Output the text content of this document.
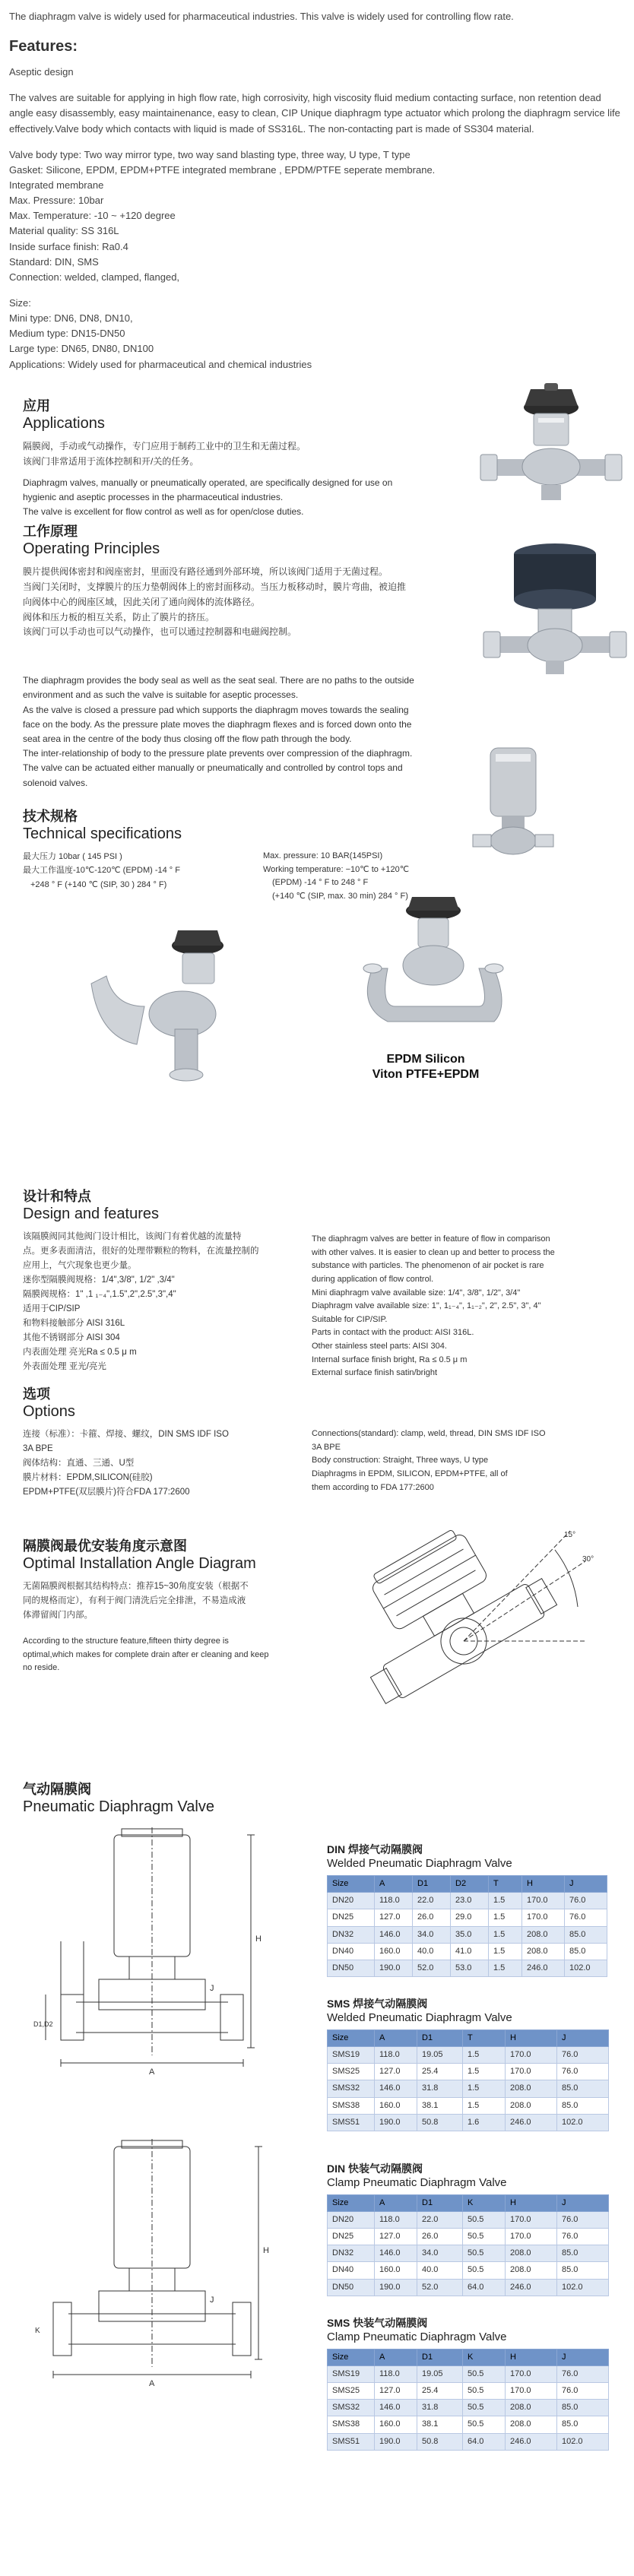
The diaphragm valve is widely used for pharmaceutical industries. This valve is widely used for controlling flow rate.

Features:

Aseptic design

The valves are suitable for applying in high flow rate, high corrosivity, high viscosity fluid medium contacting surface, non retention dead angle easy disassembly, easy maintainenance, easy to clean, CIP Unique diaphragm type actuator which prolong the diaphragm service life effectively.Valve body which contacts with liquid is made of SS316L. The non-contacting part is made of SS304 material.

Valve body type: Two way mirror type, two way sand blasting type, three way, U type, T type

Gasket: Silicone, EPDM, EPDM+PTFE integrated membrane , EPDM/PTFE seperate membrane.

Integrated membrane

Max. Pressure: 10bar

Max. Temperature: -10 ~ +120 degree

Material quality: SS 316L

Inside surface finish: Ra0.4

Standard: DIN, SMS

Connection: welded, clamped, flanged,

Size:

Mini type: DN6, DN8, DN10,

Medium type: DN15-DN50

Large type: DN65, DN80, DN100

Applications: Widely used for pharmaceutical and chemical industries

应用
Applications

隔膜阀，手动或气动操作，专门应用于制药工业中的卫生和无菌过程。

该阀门非常适用于流体控制和开/关的任务。

Diaphragm valves, manually or pneumatically operated, are specifically designed for use on

hygienic and aseptic processes in the pharmaceutical industries.

The valve is excellent for flow control as well as for open/close duties.

工作原理
Operating Principles

膜片提供阀体密封和阀座密封，里面没有路径通到外部环境，所以该阀门适用于无菌过程。

当阀门关闭时，支撑膜片的压力垫朝阀体上的密封面移动。当压力板移动时，膜片弯曲，被迫推

向阀体中心的阀座区域，因此关闭了通向阀体的流体路径。

阀体和压力板的相互关系，防止了膜片的挤压。

该阀门可以手动也可以气动操作，也可以通过控制器和电磁阀控制。

The diaphragm provides the body seal as well as the seat seal. There are no paths to the outside

environment and as such the valve is suitable for aseptic processes.

As the valve is closed a pressure pad which supports the diaphragm moves towards the sealing

face on the body. As the pressure plate moves the diaphragm flexes and is forced down onto the

seat area in the centre of the body thus closing off the flow path through the body.

The inter-relationship of body to the pressure plate prevents over compression of the diaphragm.

The valve can be actuated either manually or pneumatically and controlled by control tops and

solenoid valves.

技术规格
Technical specifications

最大压力 10bar ( 145 PSI )

最大工作温度-10℃-120℃ (EPDM) -14 ° F

+248 ° F (+140 ℃ (SIP, 30 ) 284 ° F)

Max. pressure: 10 BAR(145PSI)

Working temperature: −10℃ to +120℃

(EPDM) -14 ° F to 248 ° F

(+140 ℃ (SIP, max. 30 min) 284 ° F)

EPDM Silicon
Viton PTFE+EPDM
设计和特点
Design and features

该隔膜阀同其他阀门设计相比，该阀门有着优越的流量特

点。更多表面清洁，很好的处理带颗粒的物料，在流量控制的

应用上，气穴现象也更少量。

迷你型隔膜阀规格：1/4",3/8", 1/2" ,3/4"

隔膜阀规格：1" ,1 ₁₋₄",1.5",2",2.5",3",4"

适用于CIP/SIP

和物料接触部分 AISI 316L

其他不锈钢部分 AISI 304

内表面处理 亮光Ra ≤ 0.5 μ m

外表面处理 亚光/亮光

The diaphragm valves are better in feature of flow in comparison

with other valves. It is easier to clean up and better to process the

substance with particles. The phenomenon of air pocket is rare

during application of flow control.

Mini diaphragm valve available size: 1/4", 3/8", 1/2", 3/4"

Diaphragm valve available size: 1", 1₁₋₄", 1₁₋₂", 2", 2.5", 3", 4"

Suitable for CIP/SIP.

Parts in contact with the product: AISI 316L.

Other stainless steel parts: AISI 304.

Internal surface finish bright, Ra ≤ 0.5 μ m

External surface finish satin/bright

选项
Options

连接（标准）：卡箍、焊接、螺纹，DIN SMS IDF ISO

3A BPE

阀体结构：直通、三通、U型

膜片材料：EPDM,SILICON(硅胶)

EPDM+PTFE(双层膜片)符合FDA 177:2600

Connections(standard): clamp, weld, thread, DIN SMS IDF ISO

3A BPE

Body construction: Straight, Three ways, U type

Diaphragms in EPDM, SILICON, EPDM+PTFE, all of

them according to FDA 177:2600

隔膜阀最优安装角度示意图
Optimal Installation Angle Diagram

无菌隔膜阀根据其结构特点：推荐15~30角度安装（根据不

同的规格而定），有利于阀门清洗后完全排泄，不易造成液

体滞留阀门内部。

According to the structure feature,fifteen thirty degree is

optimal,which makes for complete drain after er cleaning and keep

no reside.

15°
30°
气动隔膜阀
Pneumatic Diaphragm Valve
H
A
D1,D2
J
H
A
K
J
DIN 焊接气动隔膜阀
Welded Pneumatic Diaphragm Valve
Size	A	D1	D2	T	H	J
DN20	118.0	22.0	23.0	1.5	170.0	76.0
DN25	127.0	26.0	29.0	1.5	170.0	76.0
DN32	146.0	34.0	35.0	1.5	208.0	85.0
DN40	160.0	40.0	41.0	1.5	208.0	85.0
DN50	190.0	52.0	53.0	1.5	246.0	102.0
SMS 焊接气动隔膜阀
Welded Pneumatic Diaphragm Valve
Size	A	D1	T	H	J
SMS19	118.0	19.05	1.5	170.0	76.0
SMS25	127.0	25.4	1.5	170.0	76.0
SMS32	146.0	31.8	1.5	208.0	85.0
SMS38	160.0	38.1	1.5	208.0	85.0
SMS51	190.0	50.8	1.6	246.0	102.0
DIN 快装气动隔膜阀
Clamp Pneumatic Diaphragm Valve
Size	A	D1	K	H	J
DN20	118.0	22.0	50.5	170.0	76.0
DN25	127.0	26.0	50.5	170.0	76.0
DN32	146.0	34.0	50.5	208.0	85.0
DN40	160.0	40.0	50.5	208.0	85.0
DN50	190.0	52.0	64.0	246.0	102.0
SMS 快装气动隔膜阀
Clamp Pneumatic Diaphragm Valve
Size	A	D1	K	H	J
SMS19	118.0	19.05	50.5	170.0	76.0
SMS25	127.0	25.4	50.5	170.0	76.0
SMS32	146.0	31.8	50.5	208.0	85.0
SMS38	160.0	38.1	50.5	208.0	85.0
SMS51	190.0	50.8	64.0	246.0	102.0
